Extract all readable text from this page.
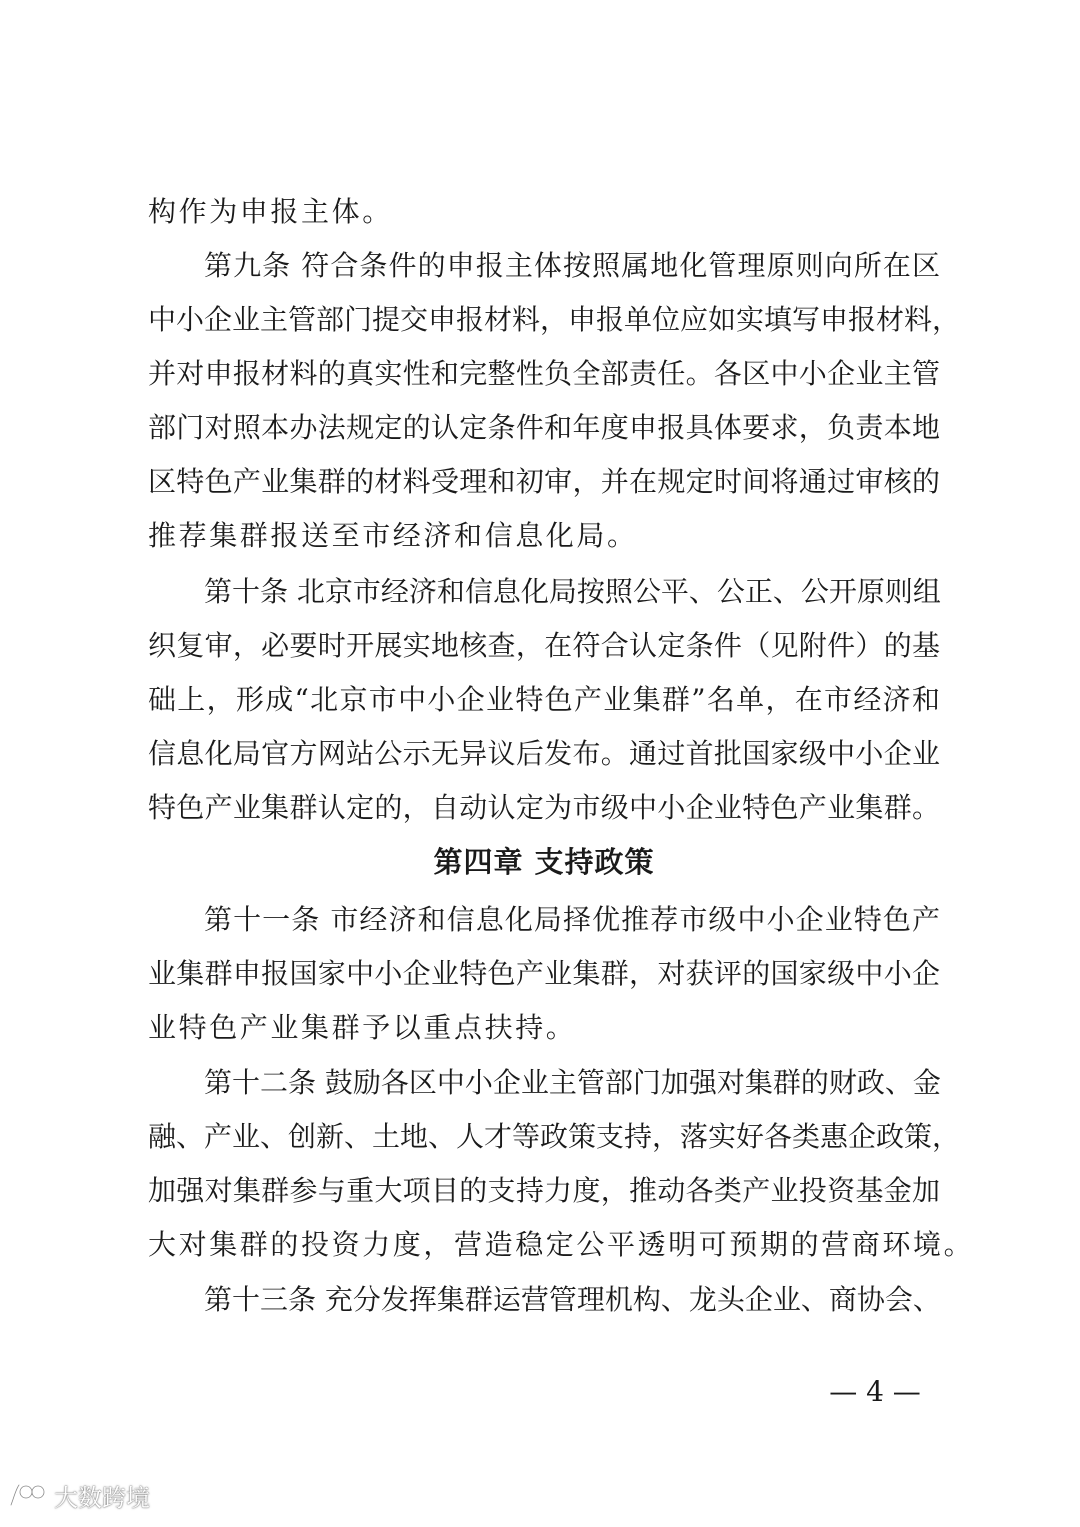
构作为申报主体。
第九条 符合条件的申报主体按照属地化管理原则向所在区
中小企业主管部门提交申报材料，申报单位应如实填写申报材料，
并对申报材料的真实性和完整性负全部责任。各区中小企业主管
部门对照本办法规定的认定条件和年度申报具体要求，负责本地
区特色产业集群的材料受理和初审，并在规定时间将通过审核的
推荐集群报送至市经济和信息化局。
第十条 北京市经济和信息化局按照公平、公正、公开原则组
织复审，必要时开展实地核查，在符合认定条件（见附件）的基
础上，形成“北京市中小企业特色产业集群”名单，在市经济和
信息化局官方网站公示无异议后发布。通过首批国家级中小企业
特色产业集群认定的，自动认定为市级中小企业特色产业集群。
第四章 支持政策
第十一条 市经济和信息化局择优推荐市级中小企业特色产
业集群申报国家中小企业特色产业集群，对获评的国家级中小企
业特色产业集群予以重点扶持。
第十二条 鼓励各区中小企业主管部门加强对集群的财政、金
融、产业、创新、土地、人才等政策支持，落实好各类惠企政策，
加强对集群参与重大项目的支持力度，推动各类产业投资基金加
大对集群的投资力度，营造稳定公平透明可预期的营商环境。
第十三条 充分发挥集群运营管理机构、龙头企业、商协会、
— 4 —
大数跨境
